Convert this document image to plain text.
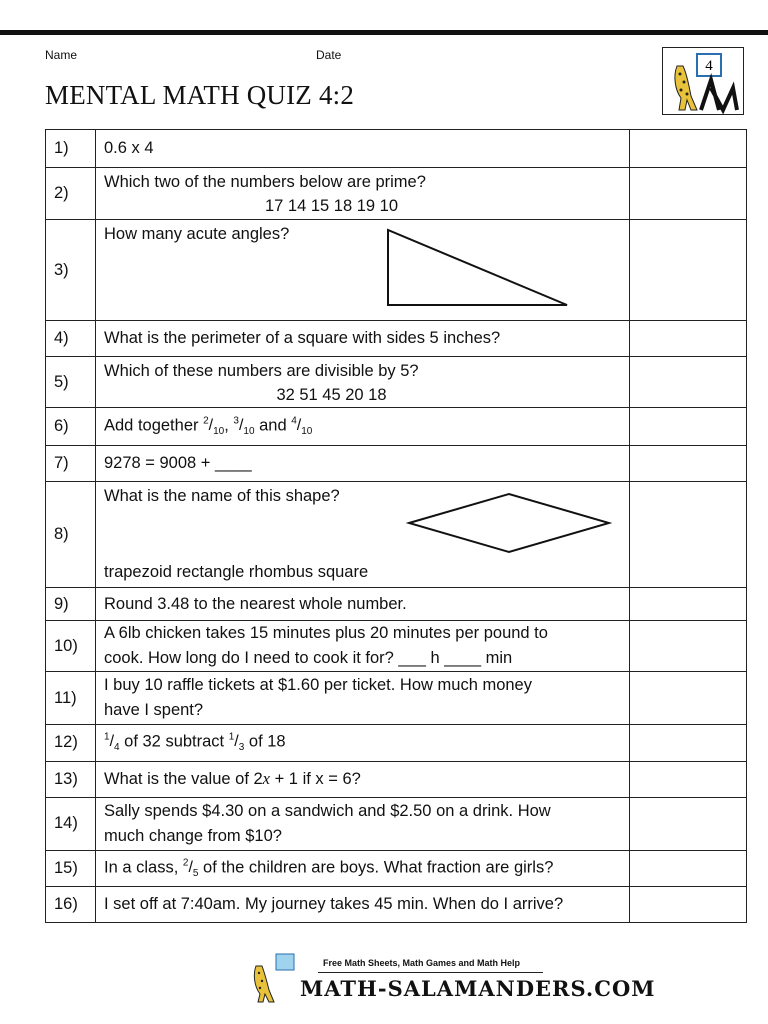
Name	Date
MENTAL MATH QUIZ 4:2
4
1)	0.6 x 4	

2)	Which two of the numbers below are prime?
17 14 15 18 19 10	

3)	How many acute angles?	

4)	What is the perimeter of a square with sides 5 inches?	

5)	Which of these numbers are divisible by 5?
32 51 45 20 18	

6)	Add together $^2/_{10}$, $^3/_{10}$ and $^4/_{10}$	
7)	9278 = 9008 + ____	

8)	What is the name of this shape?
trapezoid rectangle rhombus square	

9)	Round 3.48 to the nearest whole number.	

10)	A 6lb chicken takes 15 minutes plus 20 minutes per pound to
cook. How long do I need to cook it for? ___ h ____ min	

11)	I buy 10 raffle tickets at $1.60 per ticket. How much money
have I spent?	

12)	$^1/_4$ of 32 subtract $^1/_3$ of 18	
13)	What is the value of 2x + 1 if x = 6?	
14)	Sally spends $4.30 on a sandwich and $2.50 on a drink. How
much change from $10?	

15)	In a class, $^2/_5$ of the children are boys. What fraction are girls?	
16)	I set off at 7:40am. My journey takes 45 min. When do I arrive?	

Free Math Sheets, Math Games and Math Help
MATH-SALAMANDERS.COM
